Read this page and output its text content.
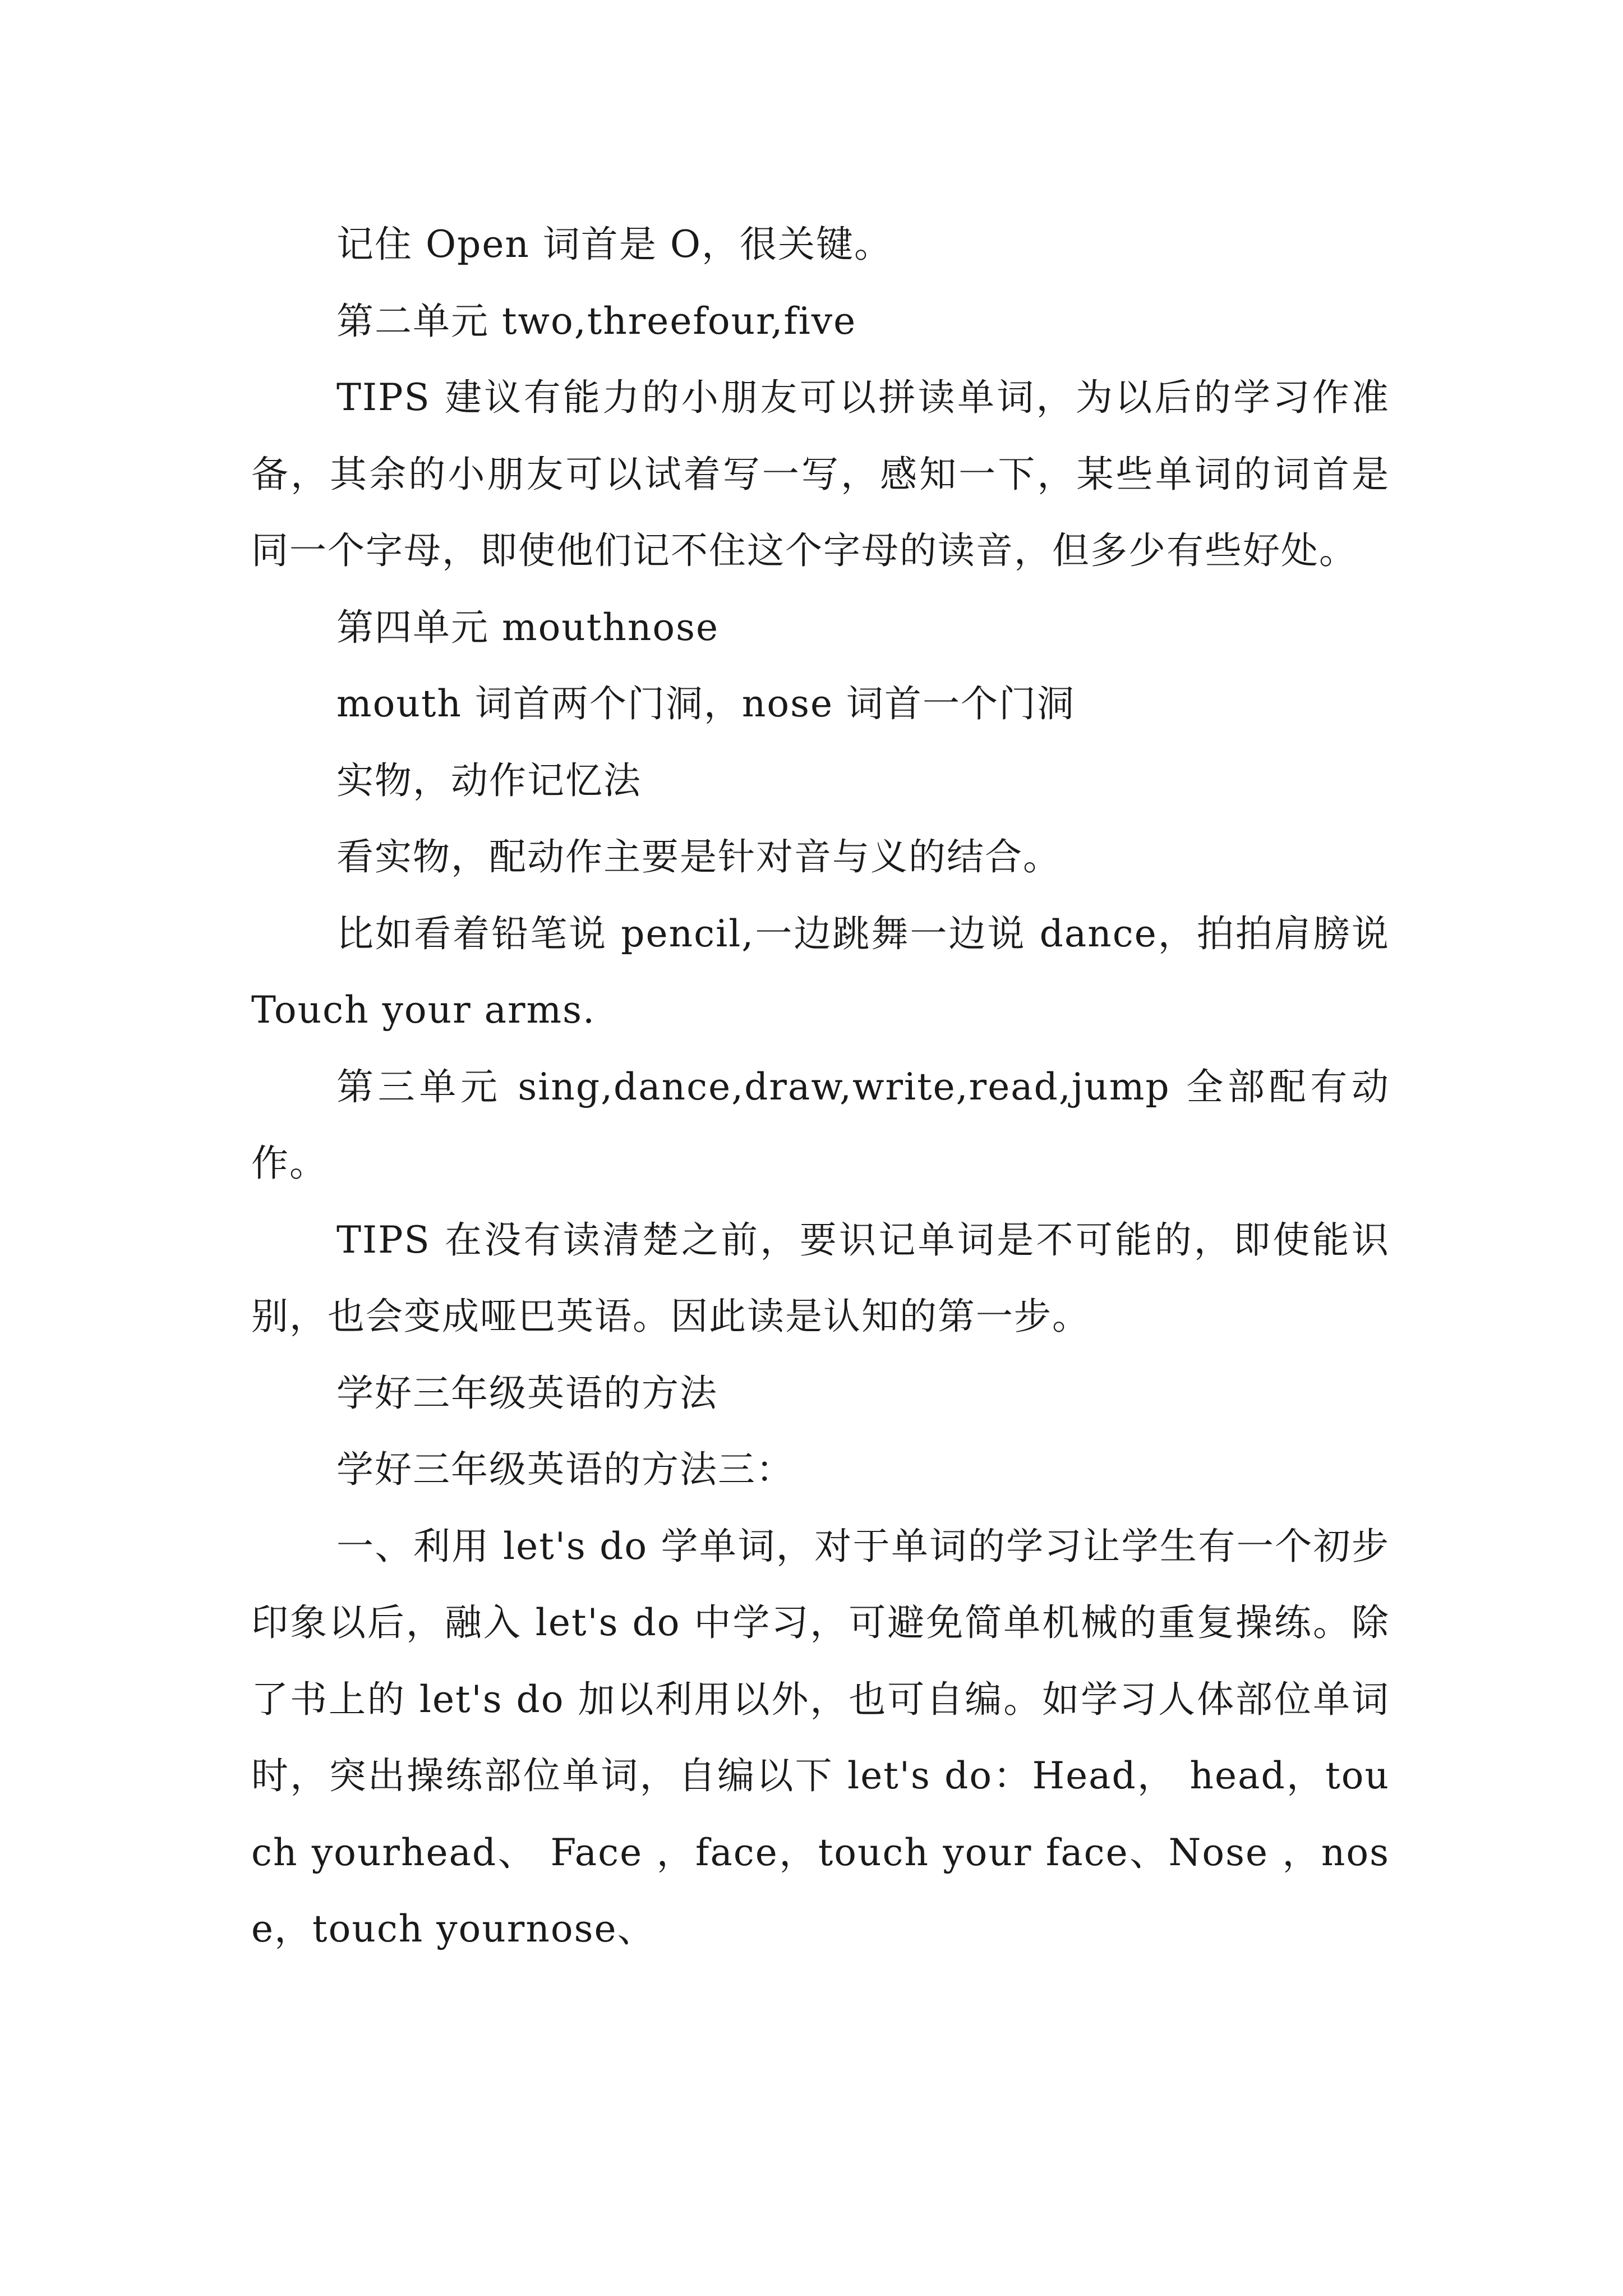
记住 Open 词首是 O，很关键。

第二单元 two,threefour,five

TIPS 建议有能力的小朋友可以拼读单词，为以后的学习作准备，其余的小朋友可以试着写一写，感知一下，某些单词的词首是同一个字母，即使他们记不住这个字母的读音，但多少有些好处。

第四单元 mouthnose

mouth 词首两个门洞，nose 词首一个门洞

实物，动作记忆法

看实物，配动作主要是针对音与义的结合。

比如看着铅笔说 pencil,一边跳舞一边说 dance，拍拍肩膀说 Touch your arms.

第三单元 sing,dance,draw,write,read,jump 全部配有动作。

TIPS 在没有读清楚之前，要识记单词是不可能的，即使能识别，也会变成哑巴英语。因此读是认知的第一步。

学好三年级英语的方法

学好三年级英语的方法三：

一、利用 let's do 学单词，对于单词的学习让学生有一个初步印象以后，融入 let's do 中学习，可避免简单机械的重复操练。除了书上的 let's do 加以利用以外，也可自编。如学习人体部位单词时，突出操练部位单词，自编以下 let's do：Head， head，touch yourhead、 Face ，face，touch your face、Nose ，nose，touch yournose、
